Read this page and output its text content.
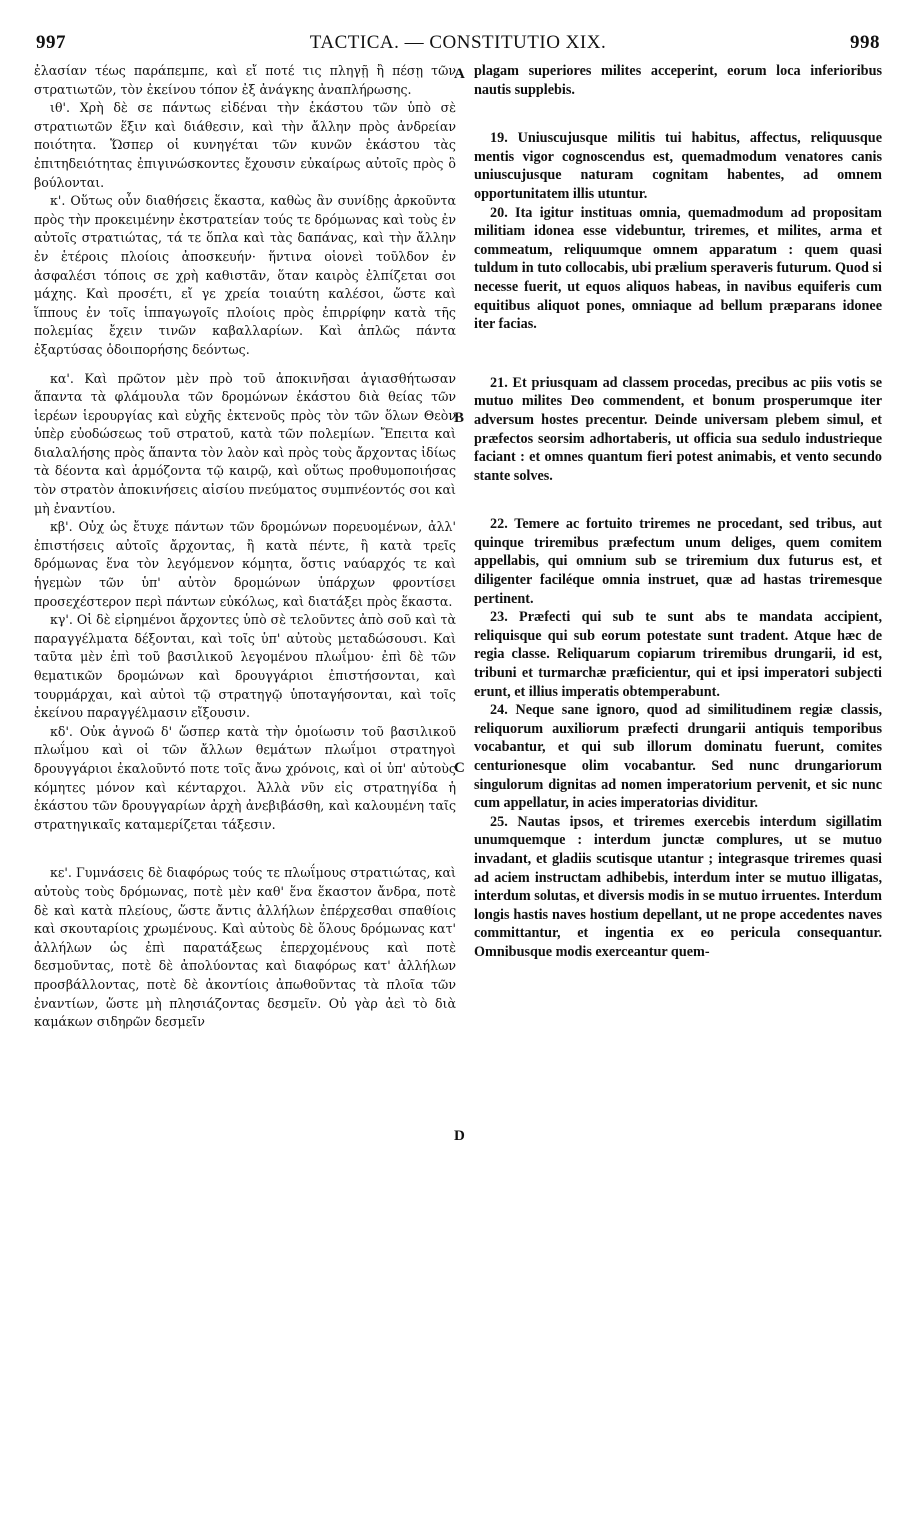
997	TACTICA. — CONSTITUTIO XIX.	998
A
B
C
D

ἐλασίαν τέως παράπεμπε, καὶ εἴ ποτέ τις πληγῇ ἢ πέσῃ τῶν στρατιωτῶν, τὸν ἐκείνου τόπον ἐξ ἀνάγκης ἀναπλήρωσης.

ιθ'. Χρὴ δὲ σε πάντως εἰδέναι τὴν ἑκάστου τῶν ὑπὸ σὲ στρατιωτῶν ἕξιν καὶ διάθεσιν, καὶ τὴν ἄλλην πρὸς ἀνδρείαν ποιότητα. Ὥσπερ οἱ κυνηγέται τῶν κυνῶν ἑκάστου τὰς ἐπιτηδειότητας ἐπιγινώσκοντες ἔχουσιν εὐκαίρως αὐτοῖς πρὸς ὃ βούλονται.

κ'. Οὕτως οὖν διαθήσεις ἕκαστα, καθὼς ἂν συνίδῃς ἀρκοῦντα πρὸς τὴν προκειμένην ἐκστρατείαν τούς τε δρόμωνας καὶ τοὺς ἐν αὐτοῖς στρατιώτας, τά τε ὅπλα καὶ τὰς δαπάνας, καὶ τὴν ἄλλην ἐν ἑτέροις πλοίοις ἀποσκευήν· ἥντινα οἱονεὶ τοῦλδον ἐν ἀσφαλέσι τόποις σε χρὴ καθιστᾶν, ὅταν καιρὸς ἐλπίζεται σοι μάχης. Καὶ προσέτι, εἴ γε χρεία τοιαύτη καλέσοι, ὥστε καὶ ἵππους ἐν τοῖς ἱππαγωγοῖς πλοίοις πρὸς ἐπιρρίφην κατὰ τῆς πολεμίας ἔχειν τινῶν καβαλλαρίων. Καὶ ἁπλῶς πάντα ἐξαρτύσας ὁδοιπορήσης δεόντως.

κα'. Καὶ πρῶτον μὲν πρὸ τοῦ ἀποκινῆσαι ἁγιασθήτωσαν ἅπαντα τὰ φλάμουλα τῶν δρομώνων ἑκάστου διὰ θείας τῶν ἱερέων ἱερουργίας καὶ εὐχῆς ἐκτενοῦς πρὸς τὸν τῶν ὅλων Θεὸν ὑπὲρ εὐοδώσεως τοῦ στρατοῦ, κατὰ τῶν πολεμίων. Ἔπειτα καὶ διαλαλήσης πρὸς ἅπαντα τὸν λαὸν καὶ πρὸς τοὺς ἄρχοντας ἰδίως τὰ δέοντα καὶ ἁρμόζοντα τῷ καιρῷ, καὶ οὕτως προθυμοποιήσας τὸν στρατὸν ἀποκινήσεις αἰσίου πνεύματος συμπνέοντός σοι καὶ μὴ ἐναντίου.

κβ'. Οὐχ ὡς ἔτυχε πάντων τῶν δρομώνων πορευομένων, ἀλλ' ἐπιστήσεις αὐτοῖς ἄρχοντας, ἢ κατὰ πέντε, ἢ κατὰ τρεῖς δρόμωνας ἕνα τὸν λεγόμενον κόμητα, ὅστις ναύαρχός τε καὶ ἡγεμὼν τῶν ὑπ' αὐτὸν δρομώνων ὑπάρχων φροντίσει προσεχέστερον περὶ πάντων εὐκόλως, καὶ διατάξει πρὸς ἕκαστα.

κγ'. Οἱ δὲ εἰρημένοι ἄρχοντες ὑπὸ σὲ τελοῦντες ἀπὸ σοῦ καὶ τὰ παραγγέλματα δέξονται, καὶ τοῖς ὑπ' αὐτοὺς μεταδώσουσι. Καὶ ταῦτα μὲν ἐπὶ τοῦ βασιλικοῦ λεγομένου πλωΐμου· ἐπὶ δὲ τῶν θεματικῶν δρομώνων καὶ δρουγγάριοι ἐπιστήσονται, καὶ τουρμάρχαι, καὶ αὐτοὶ τῷ στρατηγῷ ὑποταγήσονται, καὶ τοῖς ἐκείνου παραγγέλμασιν εἴξουσιν.

κδ'. Οὐκ ἀγνοῶ δ' ὥσπερ κατὰ τὴν ὁμοίωσιν τοῦ βασιλικοῦ πλωΐμου καὶ οἱ τῶν ἄλλων θεμάτων πλωΐμοι στρατηγοὶ δρουγγάριοι ἐκαλοῦντό ποτε τοῖς ἄνω χρόνοις, καὶ οἱ ὑπ' αὐτοὺς κόμητες μόνον καὶ κένταρχοι. Ἀλλὰ νῦν εἰς στρατηγίδα ἡ ἑκάστου τῶν δρουγγαρίων ἀρχὴ ἀνεβιβάσθη, καὶ καλουμένη ταῖς στρατηγικαῖς καταμερίζεται τάξεσιν.

κε'. Γυμνάσεις δὲ διαφόρως τούς τε πλωΐμους στρατιώτας, καὶ αὐτοὺς τοὺς δρόμωνας, ποτὲ μὲν καθ' ἕνα ἕκαστον ἄνδρα, ποτὲ δὲ καὶ κατὰ πλείους, ὥστε ἄντις ἀλλήλων ἐπέρχεσθαι σπαθίοις καὶ σκουταρίοις χρωμένους. Καὶ αὐτοὺς δὲ ὅλους δρόμωνας κατ' ἀλλήλων ὡς ἐπὶ παρατάξεως ἐπερχομένους καὶ ποτὲ δεσμοῦντας, ποτὲ δὲ ἀπολύοντας καὶ διαφόρως κατ' ἀλλήλων προσβάλλοντας, ποτὲ δὲ ἀκοντίοις ἀπωθοῦντας τὰ πλοῖα τῶν ἐναντίων, ὥστε μὴ πλησιάζοντας δεσμεῖν. Οὐ γὰρ ἀεὶ τὸ διὰ καμάκων σιδηρῶν δεσμεῖν

plagam superiores milites acceperint, eorum loca inferioribus nautis supplebis.

19. Uniuscujusque militis tui habitus, affectus, reliquusque mentis vigor cognoscendus est, quemadmodum venatores canis uniuscujusque naturam cognitam habentes, ad omnem opportunitatem illis utuntur.

20. Ita igitur instituas omnia, quemadmodum ad propositam militiam idonea esse videbuntur, triremes, et milites, arma et commeatum, reliquumque omnem apparatum : quem quasi tuldum in tuto collocabis, ubi prælium speraveris futurum. Quod si necesse fuerit, ut equos aliquos habeas, in navibus equiferis cum equitibus aliquot pones, omniaque ad bellum præparans idonee iter facias.

21. Et priusquam ad classem procedas, precibus ac piis votis se mutuo milites Deo commendent, et bonum prosperumque iter adversum hostes precentur. Deinde universam plebem simul, et præfectos seorsim adhortaberis, ut officia sua sedulo industrieque faciant : et omnes quantum fieri potest animabis, et vento secundo stante solves.

22. Temere ac fortuito triremes ne procedant, sed tribus, aut quinque triremibus præfectum unum deliges, quem comitem appellabis, qui omnium sub se triremium dux futurus est, et diligenter faciléque omnia instruet, quæ ad hastas triremesque pertinent.

23. Præfecti qui sub te sunt abs te mandata accipient, reliquisque qui sub eorum potestate sunt tradent. Atque hæc de regia classe. Reliquarum copiarum triremibus drungarii, id est, tribuni et turmarchæ præficientur, qui et ipsi imperatori subjecti erunt, et illius imperatis obtemperabunt.

24. Neque sane ignoro, quod ad similitudinem regiæ classis, reliquorum auxiliorum præfecti drungarii antiquis temporibus vocabantur, et qui sub illorum dominatu fuerunt, comites centurionesque olim vocabantur. Sed nunc drungariorum singulorum dignitas ad nomen imperatorium pervenit, et sic nunc cum appellatur, in acies imperatorias dividitur.

25. Nautas ipsos, et triremes exercebis interdum sigillatim unumquemque : interdum junctæ complures, ut se mutuo invadant, et gladiis scutisque utantur ; integrasque triremes quasi ad aciem instructam adhibebis, interdum inter se mutuo illigatas, interdum solutas, et diversis modis in se mutuo irruentes. Interdum longis hastis naves hostium depellant, ut ne prope accedentes naves committantur, et ingentia ex eo pericula consequantur. Omnibusque modis exerceantur quem-
